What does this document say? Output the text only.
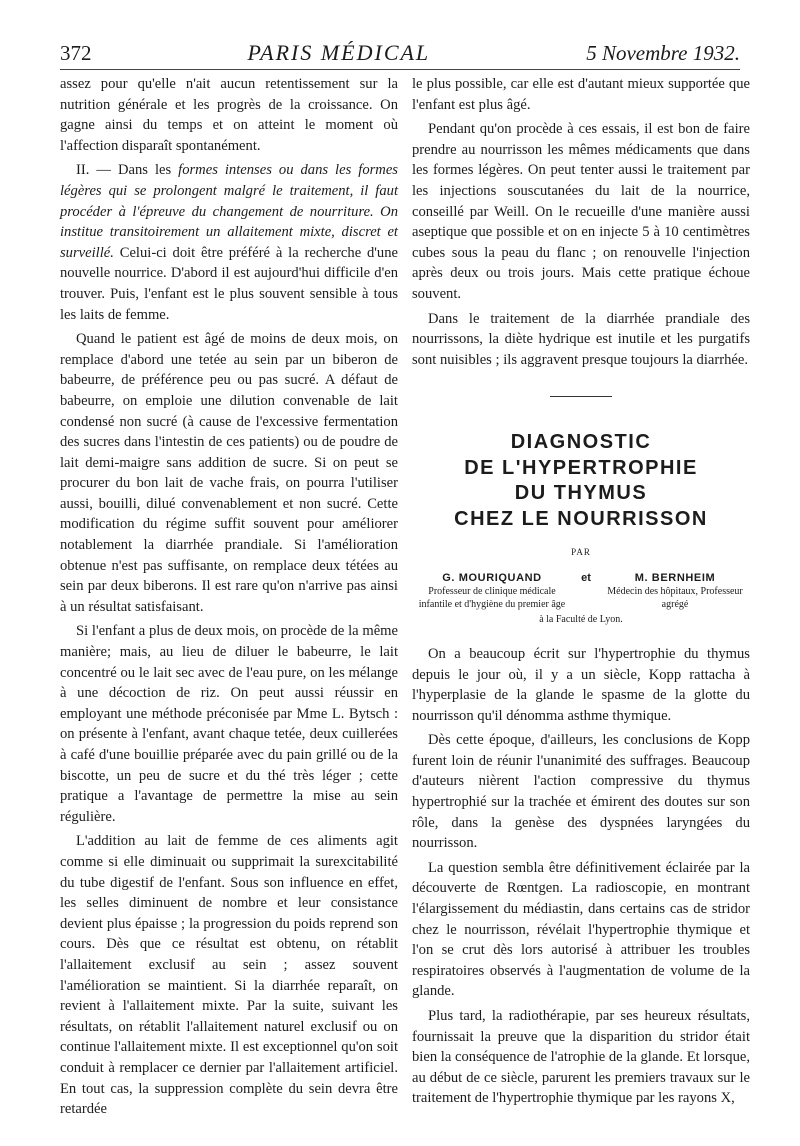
372	PARIS MÉDICAL	5 Novembre 1932.

assez pour qu'elle n'ait aucun retentissement sur la nutrition générale et les progrès de la croissance. On gagne ainsi du temps et on atteint le moment où l'affection disparaît spontanément.

II. — Dans les formes intenses ou dans les formes légères qui se prolongent malgré le traitement, il faut procéder à l'épreuve du changement de nourriture. On institue transitoirement un allaitement mixte, discret et surveillé. Celui-ci doit être préféré à la recherche d'une nouvelle nourrice. D'abord il est aujourd'hui difficile d'en trouver. Puis, l'enfant est le plus souvent sensible à tous les laits de femme.

Quand le patient est âgé de moins de deux mois, on remplace d'abord une tetée au sein par un biberon de babeurre, de préférence peu ou pas sucré. A défaut de babeurre, on emploie une dilution convenable de lait condensé non sucré (à cause de l'excessive fermentation des sucres dans l'intestin de ces patients) ou de poudre de lait demi-maigre sans addition de sucre. Si on peut se procurer du bon lait de vache frais, on pourra l'utiliser aussi, bouilli, dilué convenablement et non sucré. Cette modification du régime suffit souvent pour améliorer notablement la diarrhée prandiale. Si l'amélioration obtenue n'est pas suffisante, on remplace deux tétées au sein par deux biberons. Il est rare qu'on n'arrive pas ainsi à un résultat satisfaisant.

Si l'enfant a plus de deux mois, on procède de la même manière; mais, au lieu de diluer le babeurre, le lait concentré ou le lait sec avec de l'eau pure, on les mélange à une décoction de riz. On peut aussi réussir en employant une méthode préconisée par Mme L. Bytsch : on présente à l'enfant, avant chaque tetée, deux cuillerées à café d'une bouillie préparée avec du pain grillé ou de la biscotte, un peu de sucre et du thé très léger ; cette pratique a l'avantage de permettre la mise au sein régulière.

L'addition au lait de femme de ces aliments agit comme si elle diminuait ou supprimait la surexcitabilité du tube digestif de l'enfant. Sous son influence en effet, les selles diminuent de nombre et leur consistance devient plus épaisse ; la progression du poids reprend son cours. Dès que ce résultat est obtenu, on rétablit l'allaitement exclusif au sein ; assez souvent l'amélioration se maintient. Si la diarrhée reparaît, on revient à l'allaitement mixte. Par la suite, suivant les résultats, on rétablit l'allaitement naturel exclusif ou on continue l'allaitement mixte. Il est exceptionnel qu'on soit conduit à remplacer ce dernier par l'allaitement artificiel. En tout cas, la suppression complète du sein devra être retardée

le plus possible, car elle est d'autant mieux supportée que l'enfant est plus âgé.

Pendant qu'on procède à ces essais, il est bon de faire prendre au nourrisson les mêmes médicaments que dans les formes légères. On peut tenter aussi le traitement par les injections souscutanées du lait de la nourrice, conseillé par Weill. On le recueille d'une manière aussi aseptique que possible et on en injecte 5 à 10 centimètres cubes sous la peau du flanc ; on renouvelle l'injection après deux ou trois jours. Mais cette pratique échoue souvent.

Dans le traitement de la diarrhée prandiale des nourrissons, la diète hydrique est inutile et les purgatifs sont nuisibles ; ils aggravent presque toujours la diarrhée.

DIAGNOSTIC
DE L'HYPERTROPHIE
DU THYMUS
CHEZ LE NOURRISSON
PAR
G. MOURIQUAND
Professeur de clinique médicale infantile et d'hygiène du premier âge
et	M. BERNHEIM
Médecin des hôpitaux, Professeur agrégé
à la Faculté de Lyon.

On a beaucoup écrit sur l'hypertrophie du thymus depuis le jour où, il y a un siècle, Kopp rattacha à l'hyperplasie de la glande le spasme de la glotte du nourrisson qu'il dénomma asthme thymique.

Dès cette époque, d'ailleurs, les conclusions de Kopp furent loin de réunir l'unanimité des suffrages. Beaucoup d'auteurs nièrent l'action compressive du thymus hypertrophié sur la trachée et émirent des doutes sur son rôle, dans la genèse des dyspnées laryngées du nourrisson.

La question sembla être définitivement éclairée par la découverte de Rœntgen. La radioscopie, en montrant l'élargissement du médiastin, dans certains cas de stridor chez le nourrisson, révélait l'hypertrophie thymique et l'on se crut dès lors autorisé à attribuer les troubles respiratoires observés à l'augmentation de volume de la glande.

Plus tard, la radiothérapie, par ses heureux résultats, fournissait la preuve que la disparition du stridor était bien la conséquence de l'atrophie de la glande. Et lorsque, au début de ce siècle, parurent les premiers travaux sur le traitement de l'hypertrophie thymique par les rayons X,
